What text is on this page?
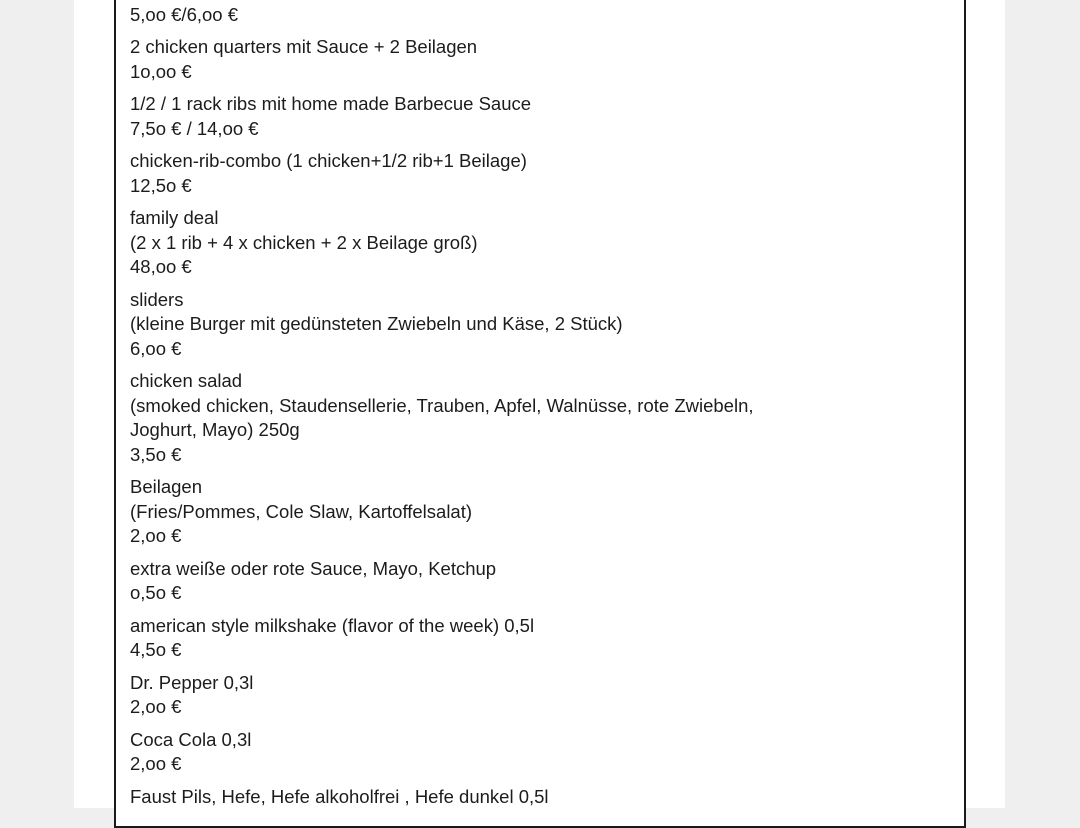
5,oo €/6,oo €
2 chicken quarters mit Sauce + 2 Beilagen
1o,oo €
1/2 / 1 rack ribs mit home made Barbecue Sauce
7,5o € / 14,oo €
chicken-rib-combo (1 chicken+1/2 rib+1 Beilage)
12,5o €
family deal
(2 x 1 rib + 4 x chicken + 2 x Beilage groß)
48,oo €
sliders
(kleine Burger mit gedünsteten Zwiebeln und Käse, 2 Stück)
6,oo €
chicken salad
(smoked chicken, Staudensellerie, Trauben, Apfel, Walnüsse, rote Zwiebeln,
Joghurt, Mayo) 250g
3,5o €
Beilagen
(Fries/Pommes, Cole Slaw, Kartoffelsalat)
2,oo €
extra weiße oder rote Sauce, Mayo, Ketchup
o,5o €
american style milkshake (flavor of the week) 0,5l
4,5o €
Dr. Pepper 0,3l
2,oo €
Coca Cola 0,3l
2,oo €
Faust Pils, Hefe, Hefe alkoholfrei , Hefe dunkel 0,5l
